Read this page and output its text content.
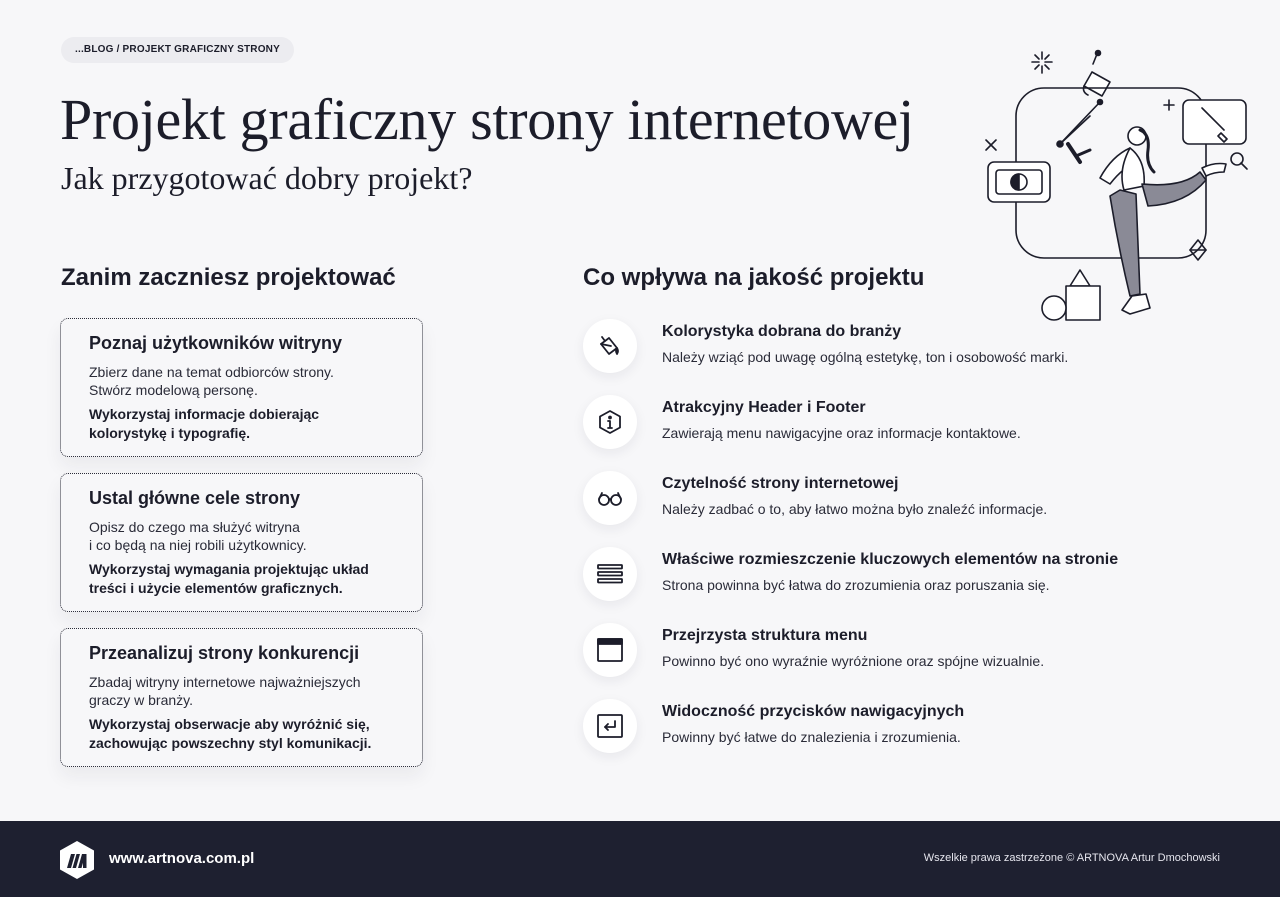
...BLOG / PROJEKT GRAFICZNY STRONY
Projekt graficzny strony internetowej
Jak przygotować dobry projekt?
Zanim zaczniesz projektować
Poznaj użytkowników witryny
Zbierz dane na temat odbiorców strony.
Stwórz modelową personę.
Wykorzystaj informacje dobierając
kolorystykę i typografię.
Ustal główne cele strony
Opisz do czego ma służyć witryna
i co będą na niej robili użytkownicy.
Wykorzystaj wymagania projektując układ
treści i użycie elementów graficznych.
Przeanalizuj strony konkurencji
Zbadaj witryny internetowe najważniejszych
graczy w branży.
Wykorzystaj obserwacje aby wyróżnić się,
zachowując powszechny styl komunikacji.
Co wpływa na jakość projektu
Kolorystyka dobrana do branży
Należy wziąć pod uwagę ogólną estetykę, ton i osobowość marki.
Atrakcyjny Header i Footer
Zawierają menu nawigacyjne oraz informacje kontaktowe.
Czytelność strony internetowej
Należy zadbać o to, aby łatwo można było znaleźć informacje.
Właściwe rozmieszczenie kluczowych elementów na stronie
Strona powinna być łatwa do zrozumienia oraz poruszania się.
Przejrzysta struktura menu
Powinno być ono wyraźnie wyróżnione oraz spójne wizualnie.
Widoczność przycisków nawigacyjnych
Powinny być łatwe do znalezienia i zrozumienia.
www.artnova.com.pl	Wszelkie prawa zastrzeżone © ARTNOVA Artur Dmochowski
